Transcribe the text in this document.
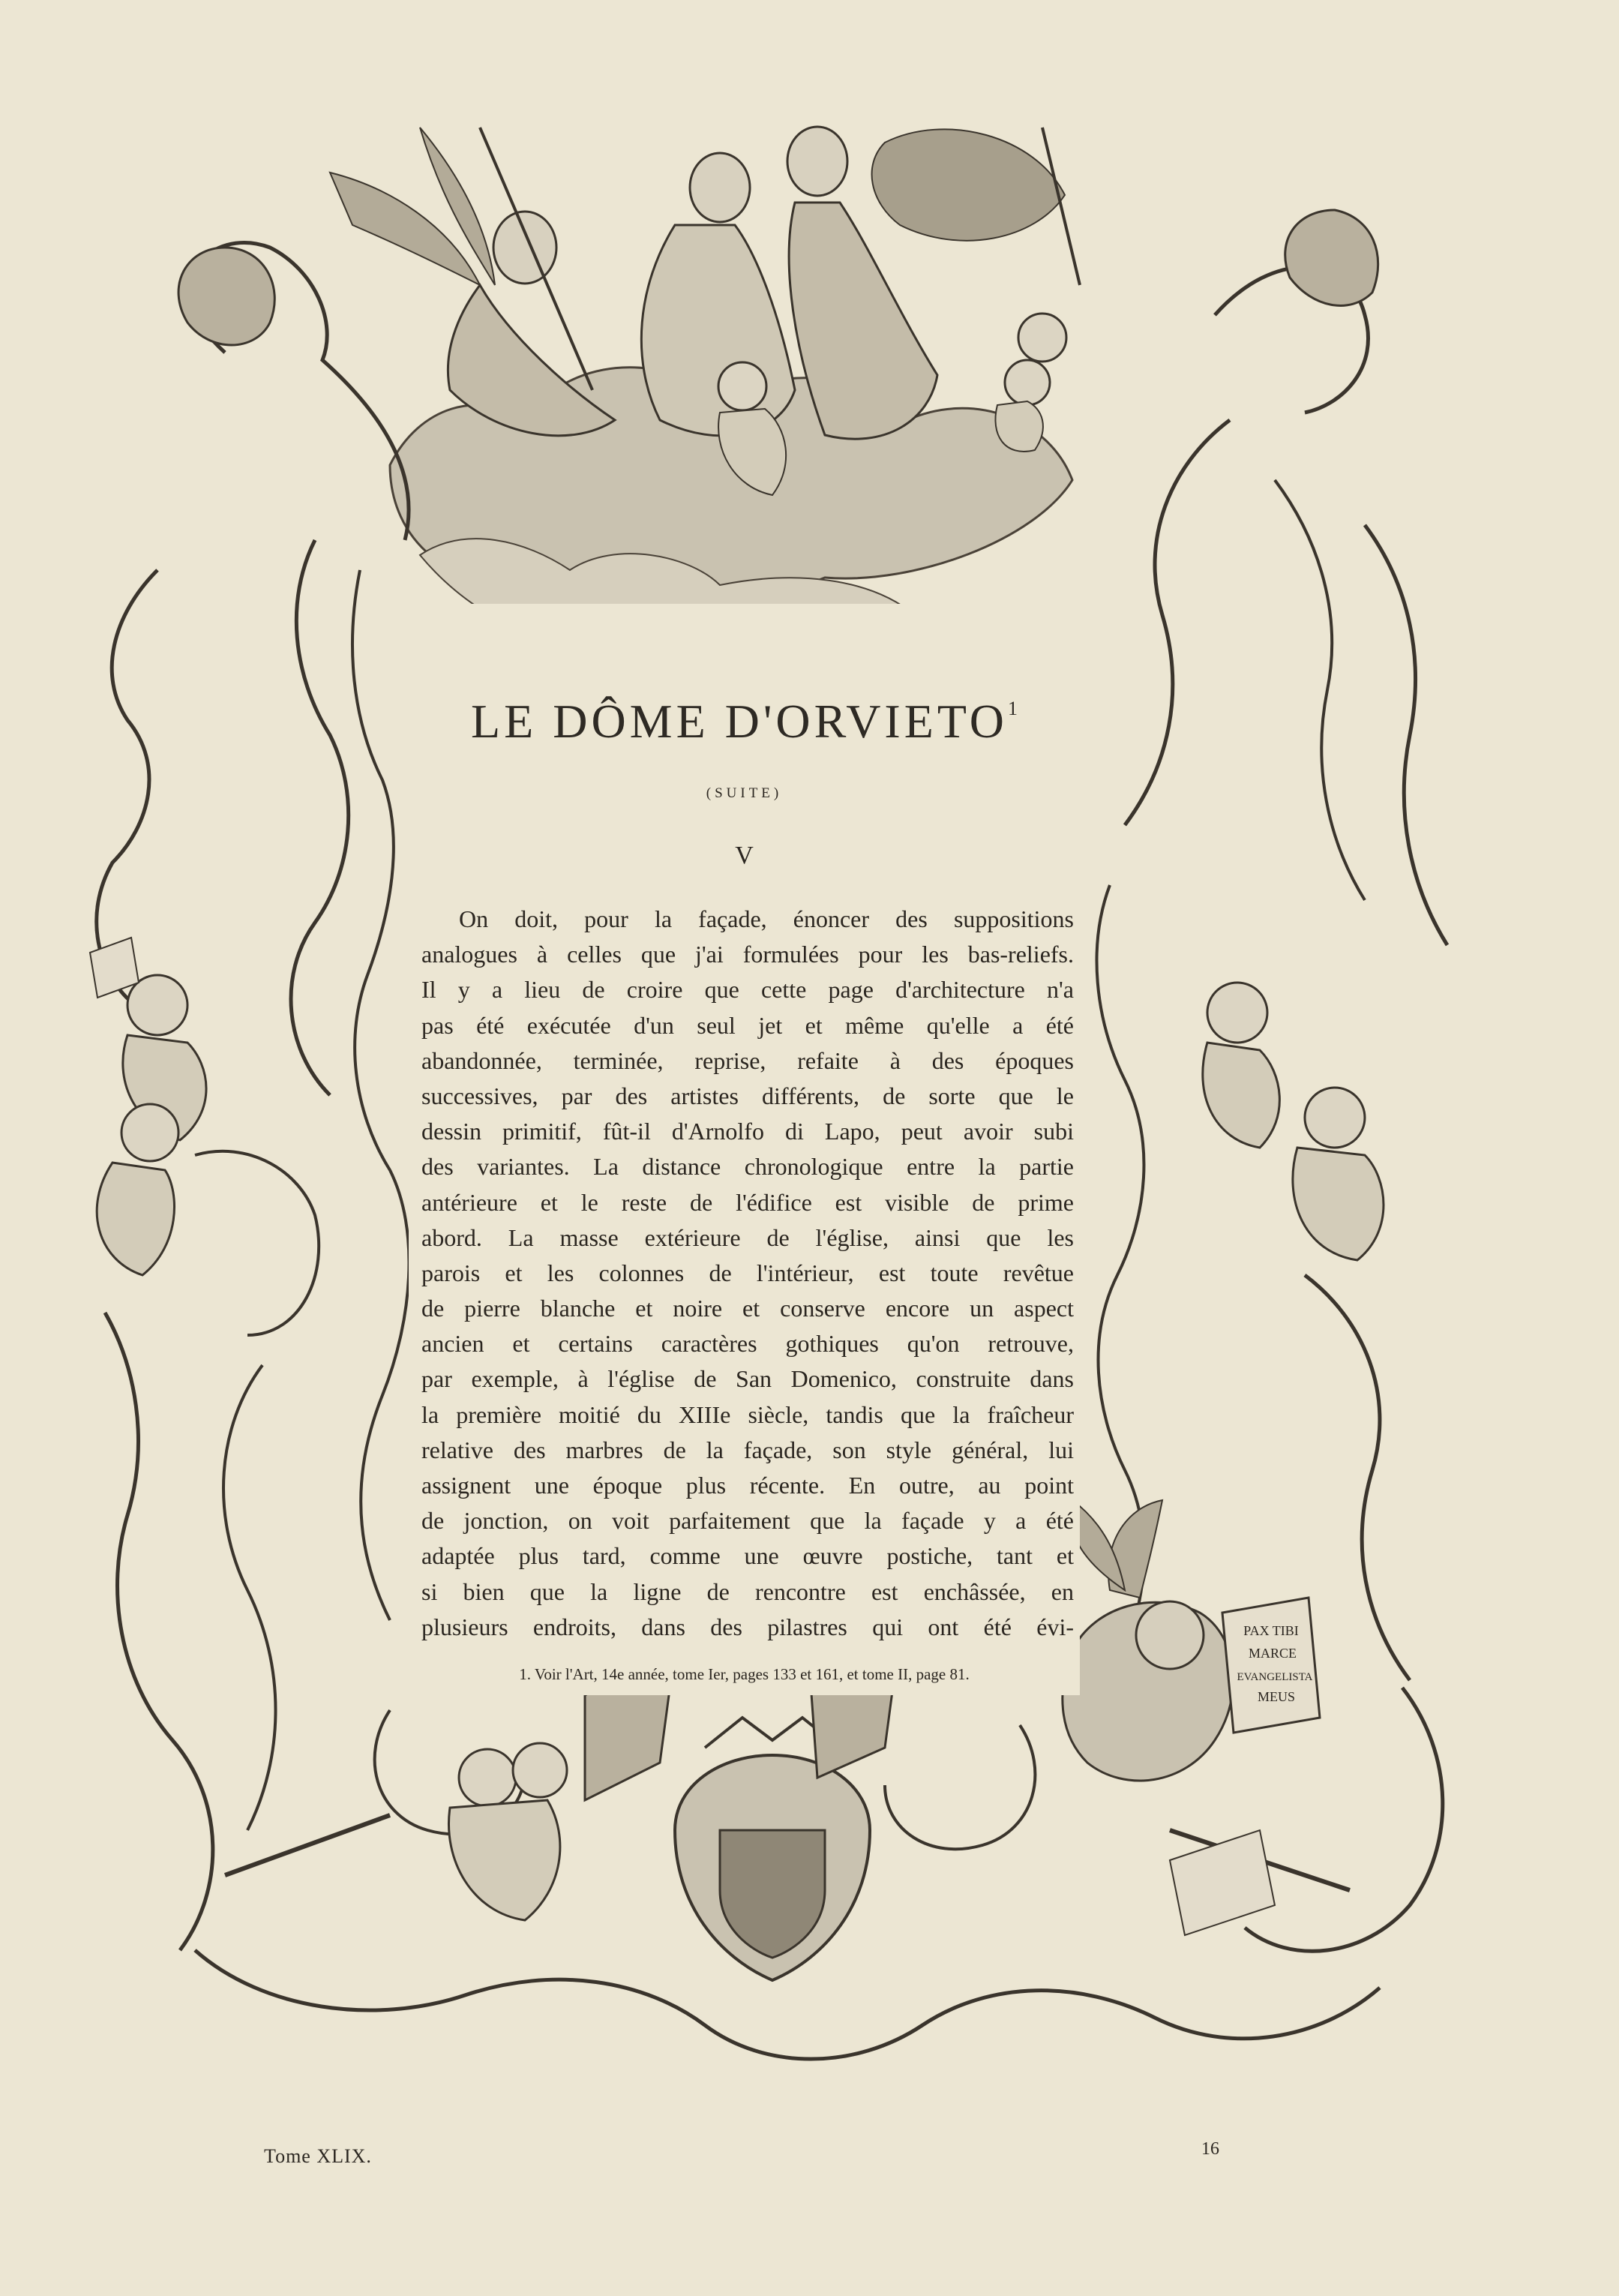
PAX TIBI
MARCE
EVANGELISTA
MEUS
LE DÔME D'ORVIETO$^1$
(SUITE)
V
On doit, pour la façade, énoncer des suppositions
analogues à celles que j'ai formulées pour les bas-reliefs.
Il y a lieu de croire que cette page d'architecture n'a
pas été exécutée d'un seul jet et même qu'elle a été
abandonnée, terminée, reprise, refaite à des époques
successives, par des artistes différents, de sorte que le
dessin primitif, fût-il d'Arnolfo di Lapo, peut avoir subi
des variantes. La distance chronologique entre la partie
antérieure et le reste de l'édifice est visible de prime
abord. La masse extérieure de l'église, ainsi que les
parois et les colonnes de l'intérieur, est toute revêtue
de pierre blanche et noire et conserve encore un aspect
ancien et certains caractères gothiques qu'on retrouve,
par exemple, à l'église de San Domenico, construite dans
la première moitié du XIIIe siècle, tandis que la fraîcheur
relative des marbres de la façade, son style général, lui
assignent une époque plus récente. En outre, au point
de jonction, on voit parfaitement que la façade y a été
adaptée plus tard, comme une œuvre postiche, tant et
si bien que la ligne de rencontre est enchâssée, en
plusieurs endroits, dans des pilastres qui ont été évi-
1. Voir l'Art, 14e année, tome Ier, pages 133 et 161, et tome II, page 81.
Tome XLIX.	16
